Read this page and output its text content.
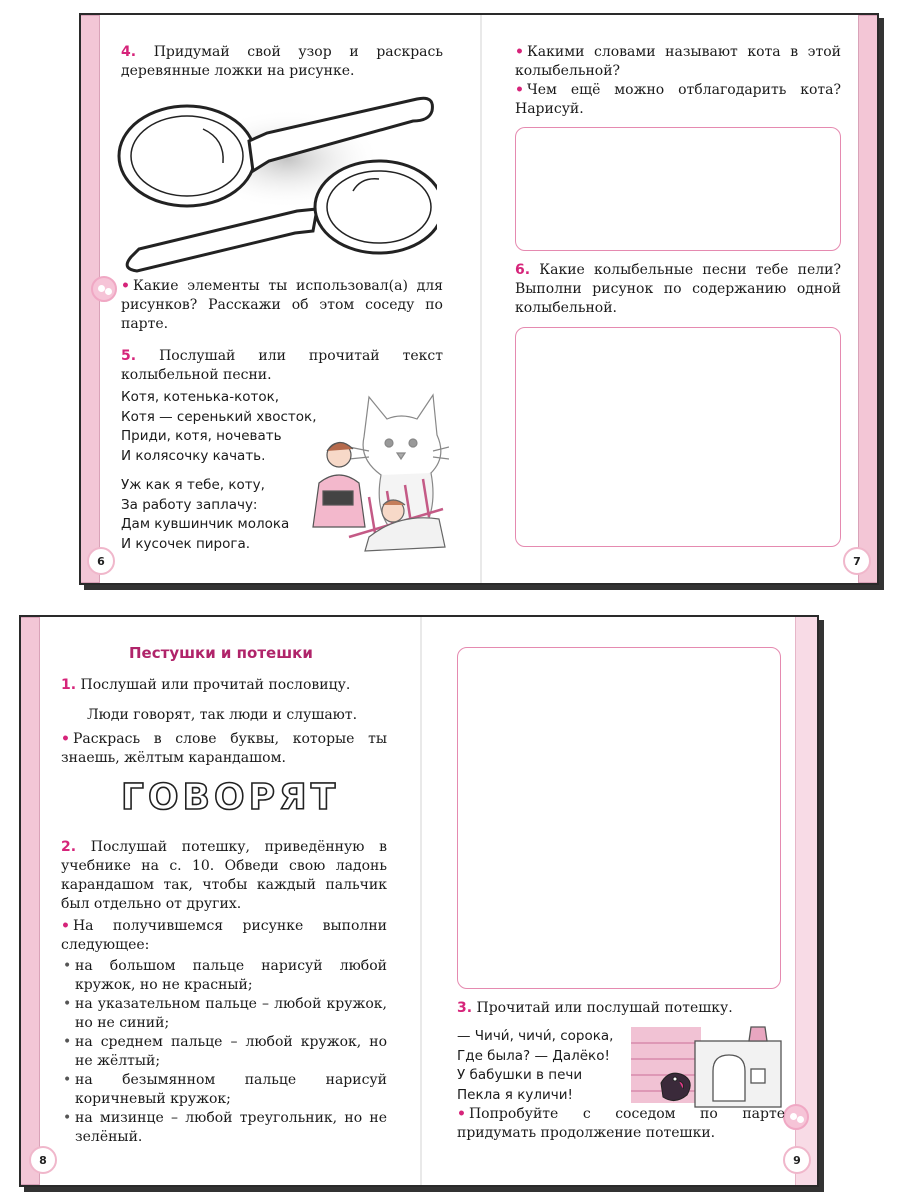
4. Придумай свой узор и раскрась деревянные ложки на рисунке.
• Какие элементы ты использовал(а) для рисунков? Расскажи об этом соседу по парте.
5. Послушай или прочитай текст колыбельной песни.
Котя, котенька-коток,
Котя — серенький хвосток,
Приди, котя, ночевать
И колясочку качать.
Уж как я тебе, коту,
За работу заплачу:
Дам кувшинчик молока
И кусочек пирога.
6
• Какими словами называют кота в этой колыбельной?
• Чем ещё можно отблагодарить кота? Нарисуй.
6. Какие колыбельные песни тебе пели? Выполни рисунок по содержанию одной колыбельной.
7
Пестушки и потешки
1. Послушай или прочитай пословицу.
Люди говорят, так люди и слушают.
• Раскрась в слове буквы, которые ты знаешь, жёлтым карандашом.
ГОВОРЯТ
2. Послушай потешку, приведённую в учебнике на с. 10. Обведи свою ладонь карандашом так, чтобы каждый пальчик был отдельно от других.
• На получившемся рисунке выполни следующее:
• на большом пальце нарисуй любой кружок, но не красный;
• на указательном пальце – любой кружок, но не синий;
• на среднем пальце – любой кружок, но не жёлтый;
• на безымянном пальце нарисуй коричневый кружок;
• на мизинце – любой треугольник, но не зелёный.
8
3. Прочитай или послушай потешку.
— Чичи́, чичи́, сорока,
Где была? — Далёко!
У бабушки в печи
Пекла я куличи!
• Попробуйте с соседом по парте придумать продолжение потешки.
9
